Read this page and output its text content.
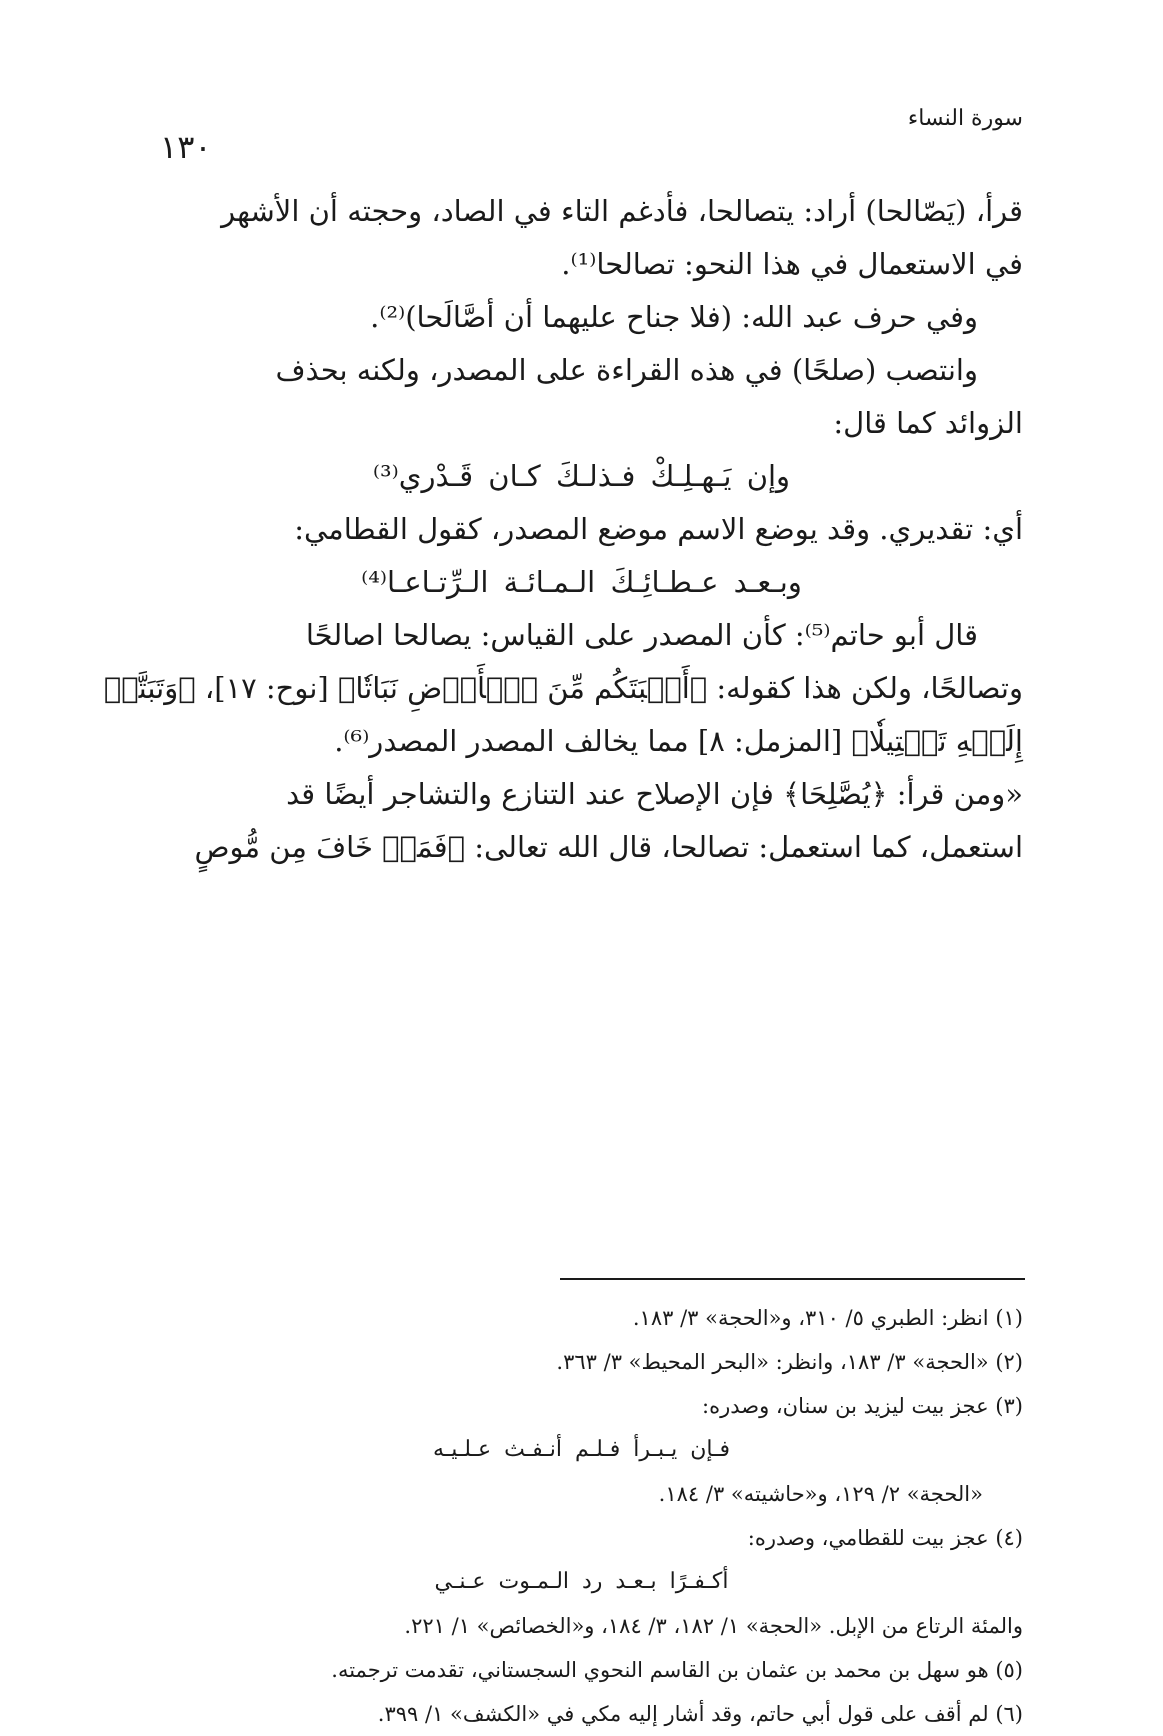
١٣٠
سورة النساء
قرأ، (يَصّالحا) أراد: يتصالحا، فأدغم التاء في الصاد، وحجته أن الأشهر
في الاستعمال في هذا النحو: تصالحا⁽¹⁾.
وفي حرف عبد الله: (فلا جناح عليهما أن أصَّالَحا)⁽²⁾.
وانتصب (صلحًا) في هذه القراءة على المصدر، ولكنه بحذف
الزوائد كما قال:
وإن يَـهـلِـكْ فـذلـكَ كـان قَـدْري⁽³⁾
أي: تقديري. وقد يوضع الاسم موضع المصدر، كقول القطامي:
وبـعـد عـطـائِـكَ الـمـائـة الـرِّتـاعـا⁽⁴⁾
قال أبو حاتم⁽⁵⁾: كأن المصدر على القياس: يصالحا اصالحًا
وتصالحًا، ولكن هذا كقوله: ﴿أَنۢبَتَكُم مِّنَ ٱلۡأَرۡضِ نَبَاتٗا﴾ [نوح: ١٧]، ﴿وَتَبَتَّلۡ
إِلَيۡهِ تَبۡتِيلٗا﴾ [المزمل: ٨] مما يخالف المصدر المصدر⁽⁶⁾.
«ومن قرأ: ﴿يُصَّلِحَا﴾ فإن الإصلاح عند التنازع والتشاجر أيضًا قد
استعمل، كما استعمل: تصالحا، قال الله تعالى: ﴿فَمَنۡ خَافَ مِن مُّوصٍ
(١) انظر: الطبري ٥/ ٣١٠، و«الحجة» ٣/ ١٨٣.
(٢) «الحجة» ٣/ ١٨٣، وانظر: «البحر المحيط» ٣/ ٣٦٣.
(٣) عجز بيت ليزيد بن سنان، وصدره:
فـإن يـبـرأ فـلـم أنـفـث عـلـيـه
«الحجة» ٢/ ١٢٩، و«حاشيته» ٣/ ١٨٤.
(٤) عجز بيت للقطامي، وصدره:
أكـفـرًا بـعـد رد الـمـوت عـنـي
والمئة الرتاع من الإبل. «الحجة» ١/ ١٨٢، ٣/ ١٨٤، و«الخصائص» ١/ ٢٢١.
(٥) هو سهل بن محمد بن عثمان بن القاسم النحوي السجستاني، تقدمت ترجمته.
(٦) لم أقف على قول أبي حاتم، وقد أشار إليه مكي في «الكشف» ١/ ٣٩٩.
